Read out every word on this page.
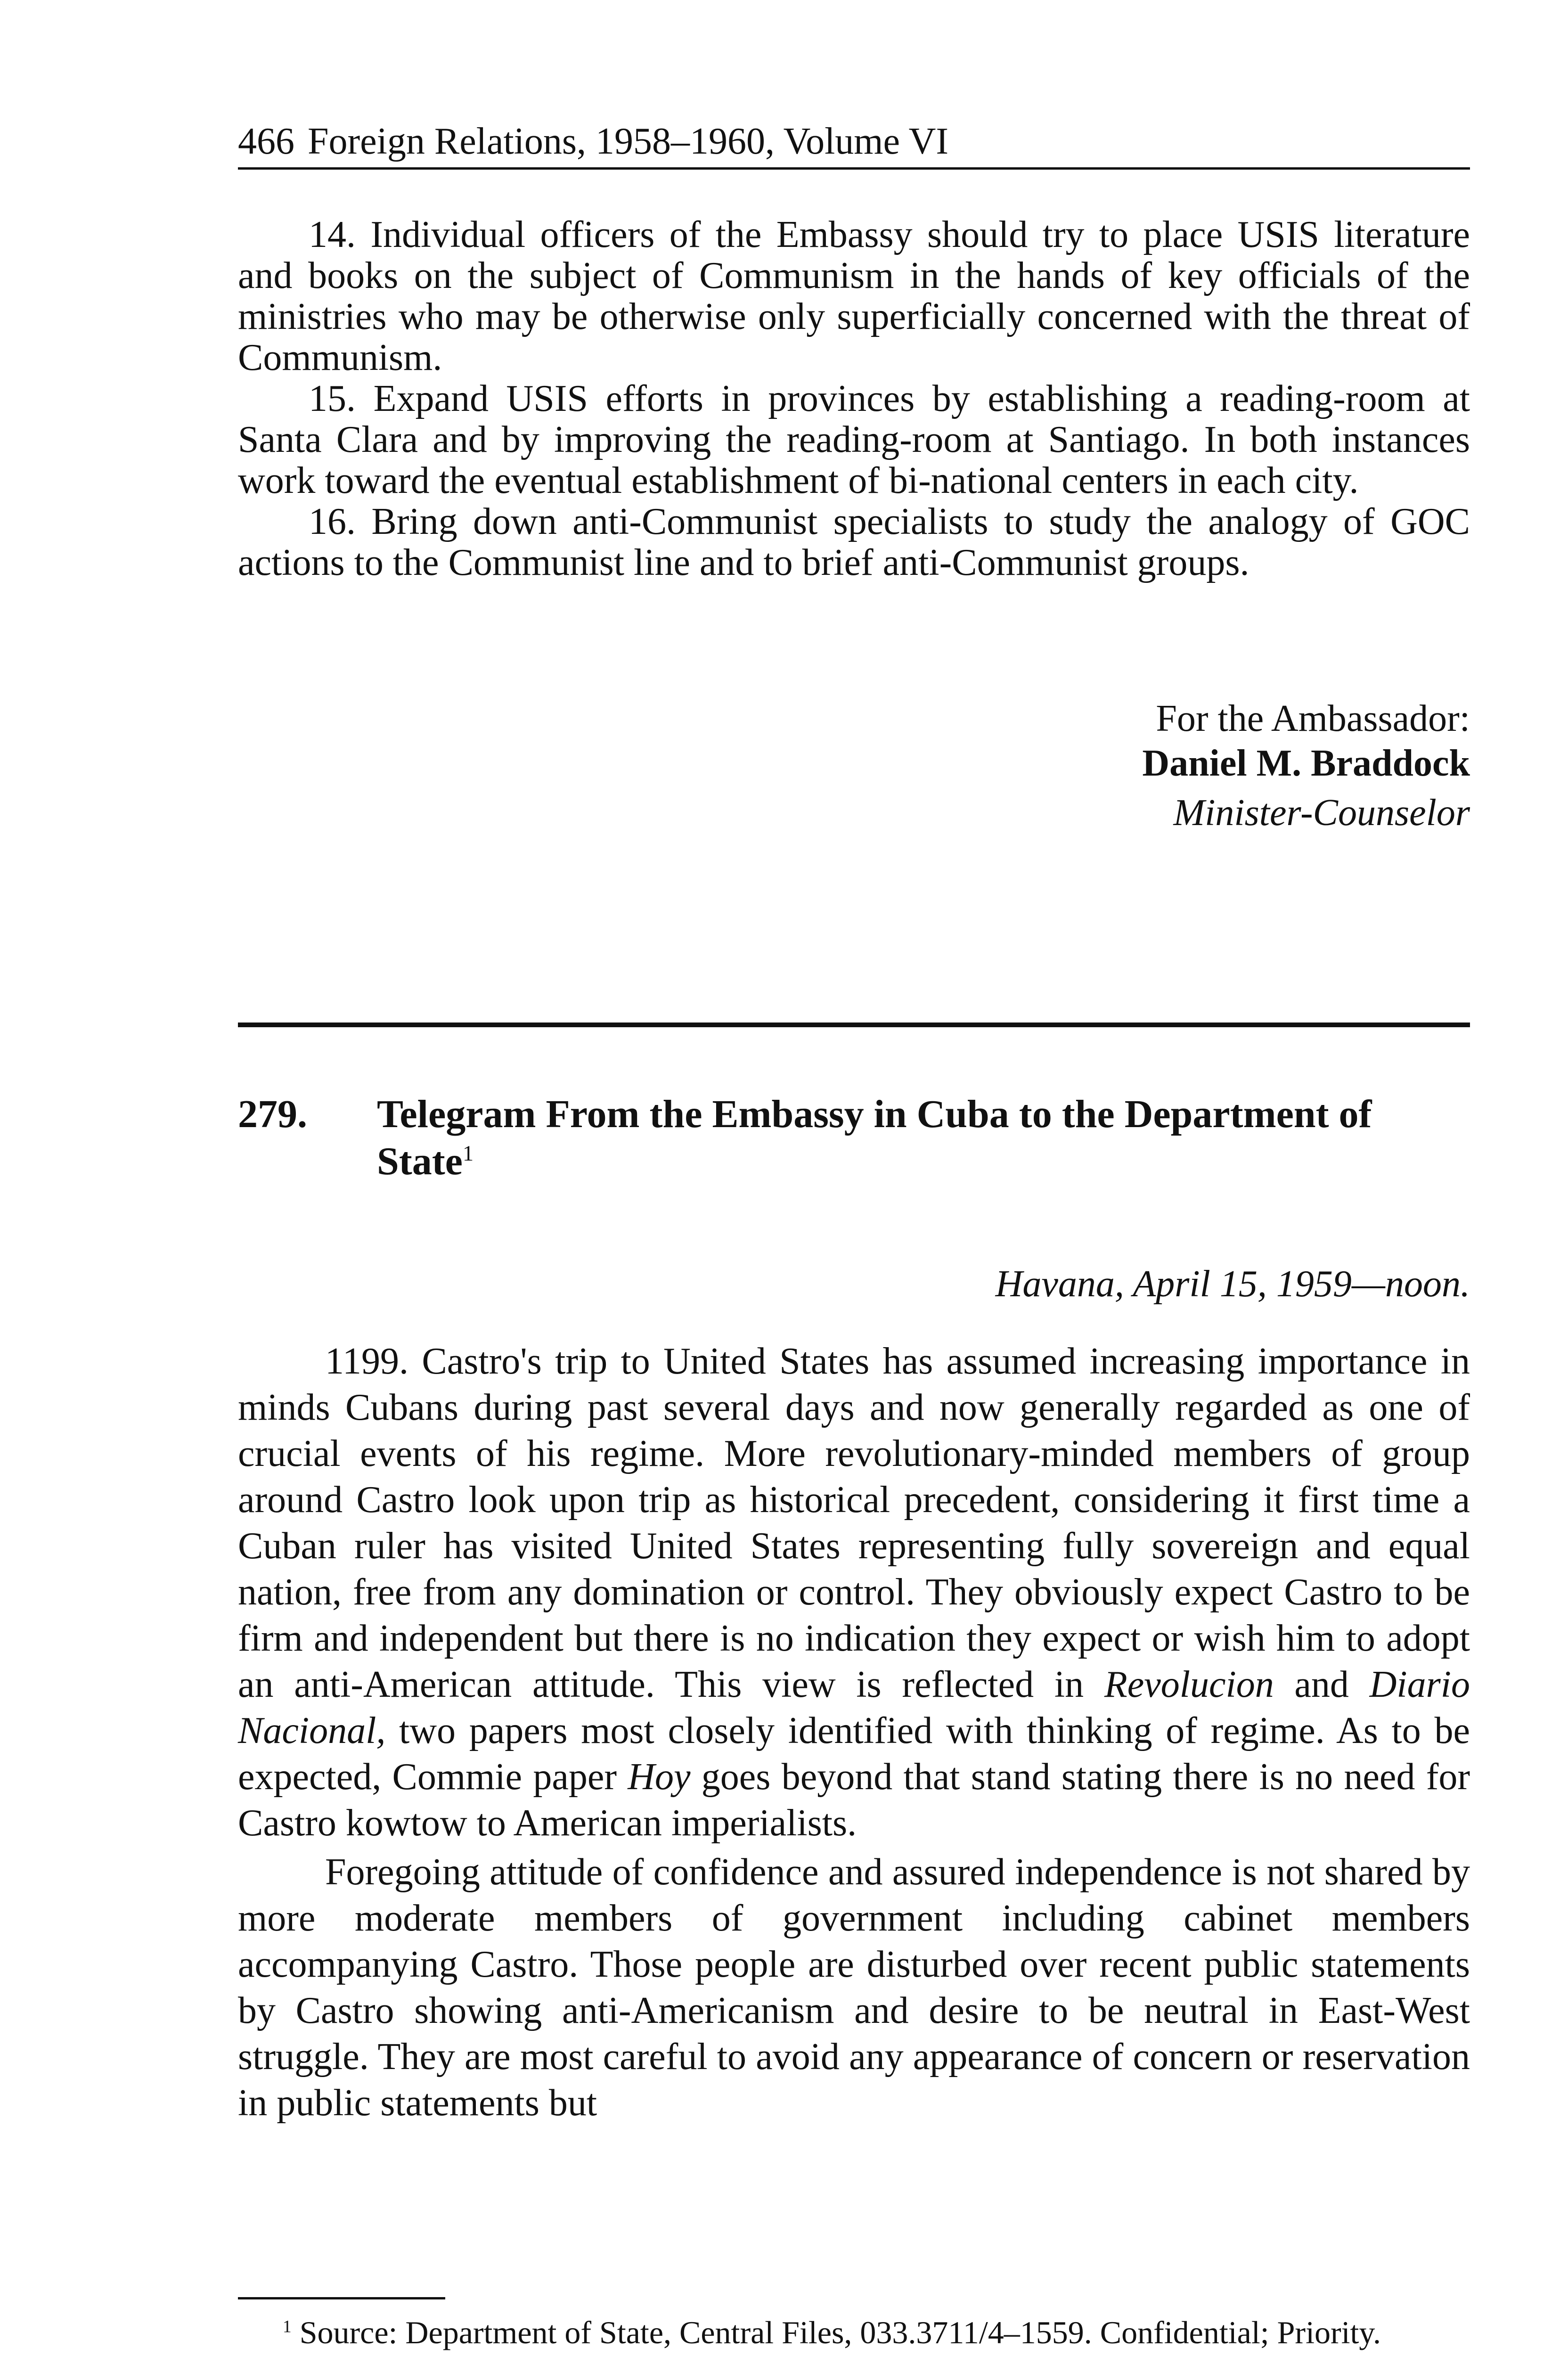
466 Foreign Relations, 1958–1960, Volume VI

14. Individual officers of the Embassy should try to place USIS literature and books on the subject of Communism in the hands of key officials of the ministries who may be otherwise only superficially concerned with the threat of Communism.

15. Expand USIS efforts in provinces by establishing a reading-room at Santa Clara and by improving the reading-room at Santiago. In both instances work toward the eventual establishment of bi-national centers in each city.

16. Bring down anti-Communist specialists to study the analogy of GOC actions to the Communist line and to brief anti-Communist groups.

For the Ambassador:
Daniel M. Braddock
Minister-Counselor
279. Telegram From the Embassy in Cuba to the Department of State$^1$
Havana, April 15, 1959—noon.

1199. Castro's trip to United States has assumed increasing importance in minds Cubans during past several days and now generally regarded as one of crucial events of his regime. More revolutionary-minded members of group around Castro look upon trip as historical precedent, considering it first time a Cuban ruler has visited United States representing fully sovereign and equal nation, free from any domination or control. They obviously expect Castro to be firm and independent but there is no indication they expect or wish him to adopt an anti-American attitude. This view is reflected in Revolucion and Diario Nacional, two papers most closely identified with thinking of regime. As to be expected, Commie paper Hoy goes beyond that stand stating there is no need for Castro kowtow to American imperialists.

Foregoing attitude of confidence and assured independence is not shared by more moderate members of government including cabinet members accompanying Castro. Those people are disturbed over recent public statements by Castro showing anti-Americanism and desire to be neutral in East-West struggle. They are most careful to avoid any appearance of concern or reservation in public statements but

$^1$ Source: Department of State, Central Files, 033.3711/4–1559. Confidential; Priority.
